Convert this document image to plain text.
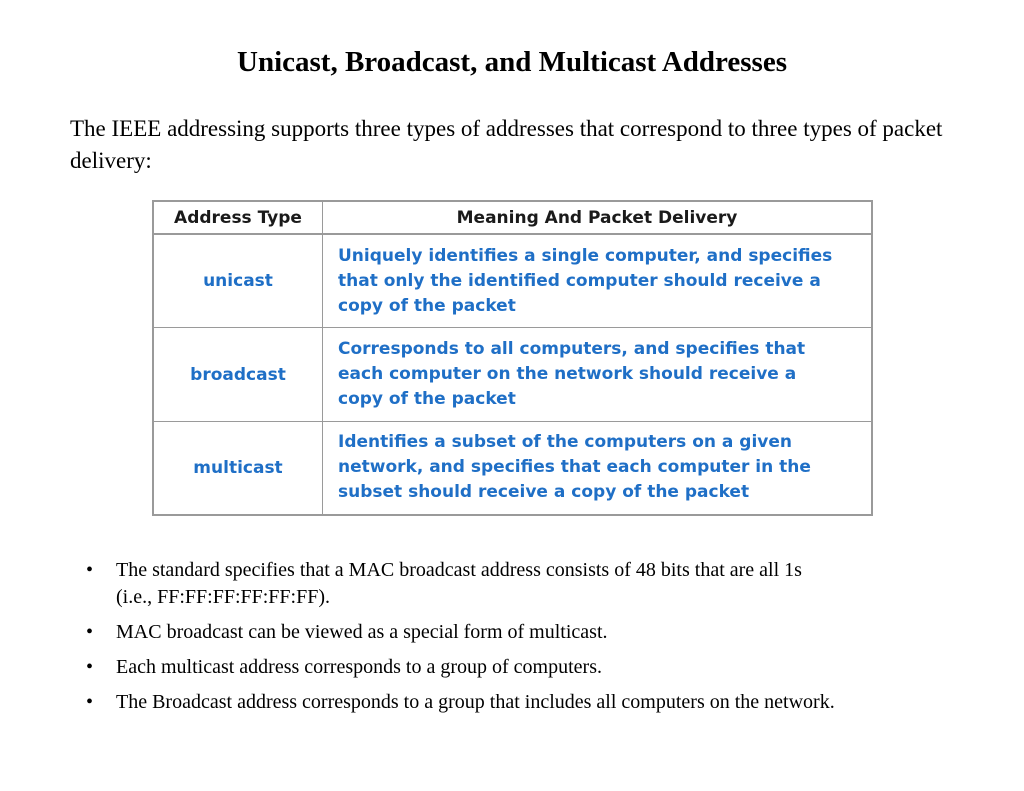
Unicast, Broadcast, and Multicast Addresses
The IEEE addressing supports three types of addresses that correspond to three types of packet delivery:
Address Type	Meaning And Packet Delivery
unicast	Uniquely identifies a single computer, and specifies
that only the identified computer should receive a
copy of the packet

broadcast	Corresponds to all computers, and specifies that
each computer on the network should receive a
copy of the packet

multicast	Identifies a subset of the computers on a given
network, and specifies that each computer in the
subset should receive a copy of the packet
• The standard specifies that a MAC broadcast address consists of 48 bits that are all 1s
(i.e., FF:FF:FF:FF:FF:FF).
• MAC broadcast can be viewed as a special form of multicast.
• Each multicast address corresponds to a group of computers.
• The Broadcast address corresponds to a group that includes all computers on the network.
